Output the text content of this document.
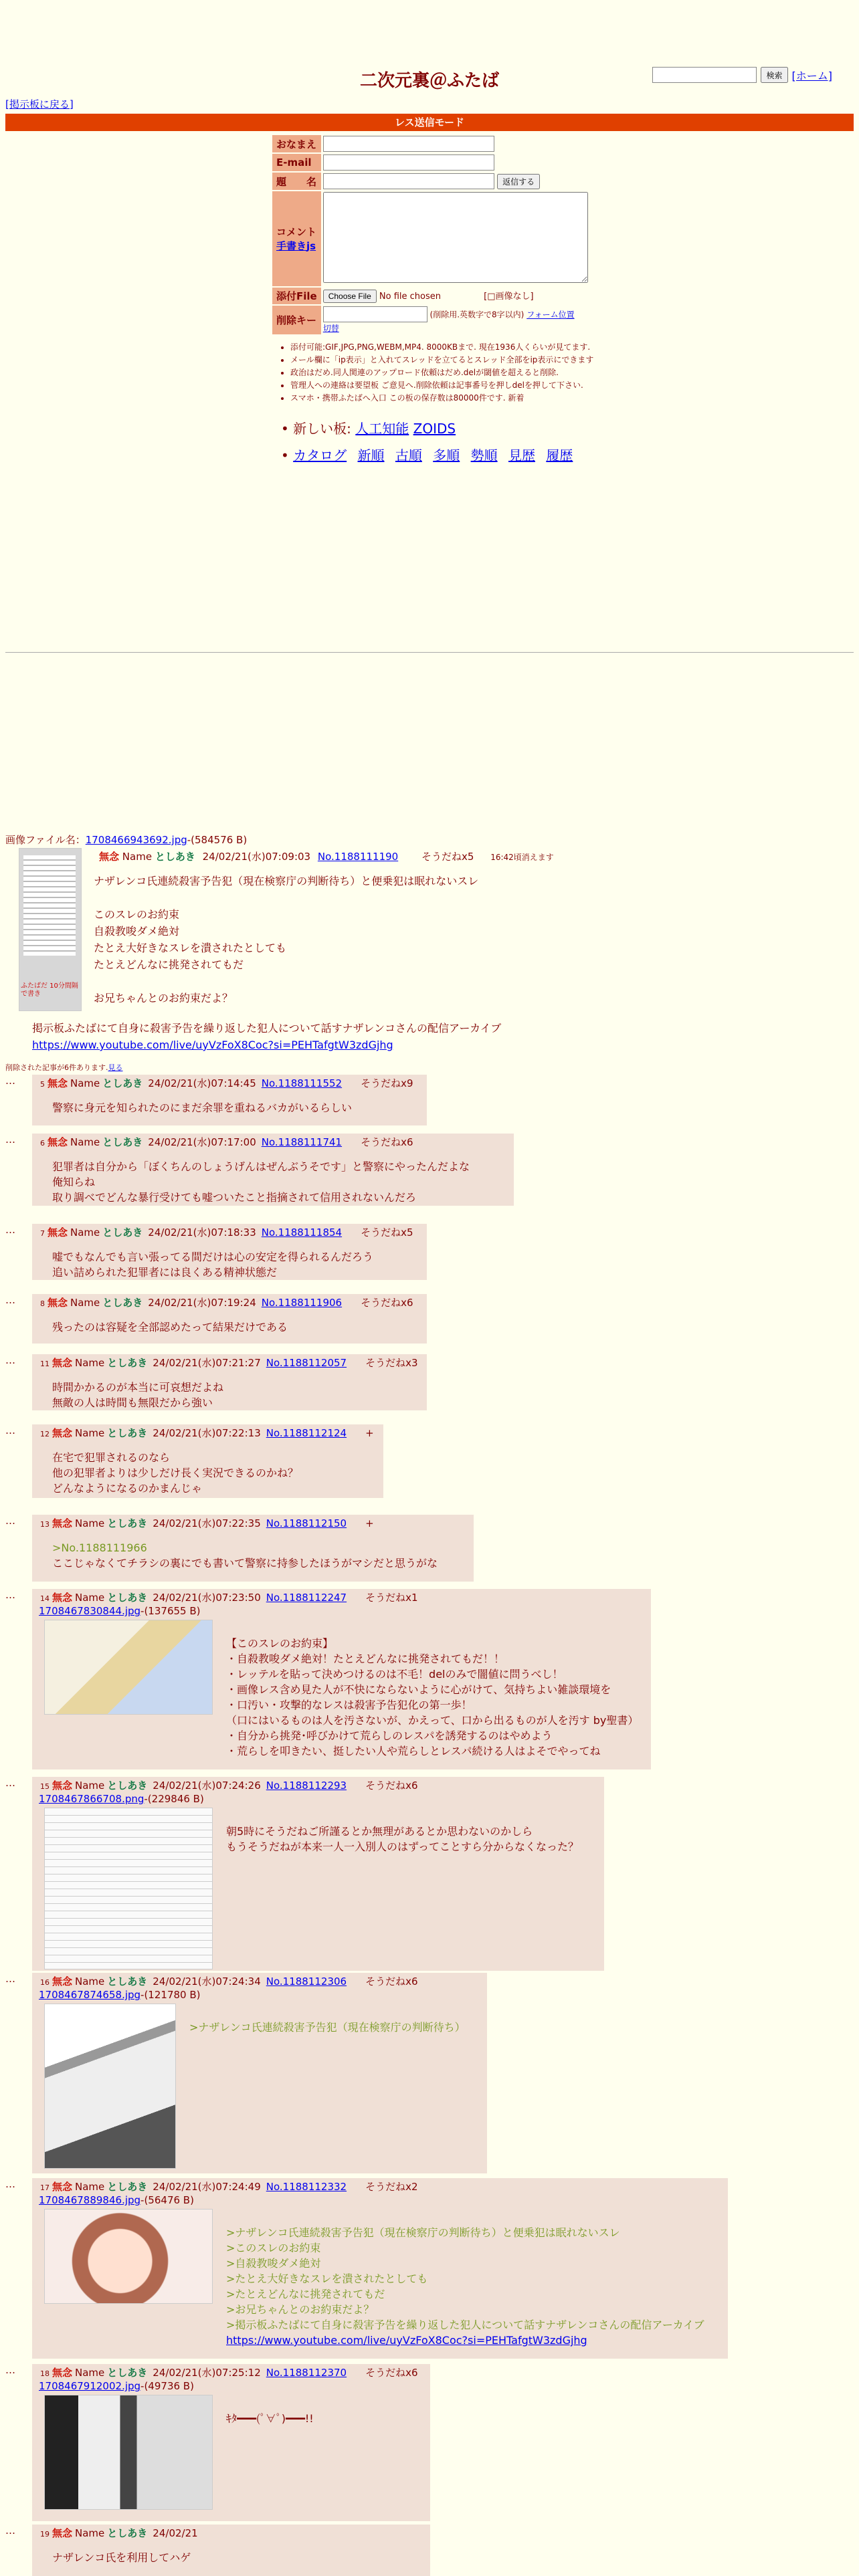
二次元裏＠ふたば	検索 [ホーム]
[掲示板に戻る]
レス送信モード
おなまえ	
E-mail	
題　　名	返信する

コメント
手書きjs	
添付File	Choose File No file chosen [□画像なし]
削除キー	(削除用.英数字で8字以内) フォーム位置
切替
• 添付可能:GIF,JPG,PNG,WEBM,MP4. 8000KBまで. 現在1936人くらいが見てます.
• メール欄に「ip表示」と入れてスレッドを立てるとスレッド全部をip表示にできます
• 政治はだめ.同人関連のアップロード依頼はだめ.delが閾値を超えると削除.
• 管理人への連絡は要望板 ご意見へ.削除依頼は記事番号を押しdelを押して下さい.
• スマホ・携帯ふたばへ入口 この板の保存数は80000件です. 新着
• 新しい板: 人工知能 ZOIDS
• カタログ 新順 古順 多順 勢順 見歴 履歴
画像ファイル名：1708466943692.jpg-(584576 B)
ふたばだ 10分間隔 で書き
無念 Name としあき 24/02/21(水)07:09:03 No.1188111190 そうだねx5 16:42頃消えます
ナザレンコ氏連続殺害予告犯（現在検察庁の判断待ち）と便乗犯は眠れないスレ

このスレのお約束
自殺教唆ダメ絶対
たとえ大好きなスレを潰されたとしても
たとえどんなに挑発されてもだ

お兄ちゃんとのお約束だよ？
掲示板ふたばにて自身に殺害予告を繰り返した犯人について話すナザレンコさんの配信アーカイブ
https://www.youtube.com/live/uyVzFoX8Coc?si=PEHTafgtW3zdGjhg
削除された記事が6件あります.見る
…	5 無念 Name としあき 24/02/21(水)07:14:45 No.1188111552 そうだねx9
警察に身元を知られたのにまだ余罪を重ねるバカがいるらしい
…	6 無念 Name としあき 24/02/21(水)07:17:00 No.1188111741 そうだねx6
犯罪者は自分から「ぼくちんのしょうげんはぜんぶうそです」と警察にやったんだよな
俺知らね
取り調べでどんな暴行受けても嘘ついたこと指摘されて信用されないんだろ
…	7 無念 Name としあき 24/02/21(水)07:18:33 No.1188111854 そうだねx5
嘘でもなんでも言い張ってる間だけは心の安定を得られるんだろう
追い詰められた犯罪者には良くある精神状態だ
…	8 無念 Name としあき 24/02/21(水)07:19:24 No.1188111906 そうだねx6
残ったのは容疑を全部認めたって結果だけである
…	11 無念 Name としあき 24/02/21(水)07:21:27 No.1188112057 そうだねx3
時間かかるのが本当に可哀想だよね
無敵の人は時間も無限だから強い
…	12 無念 Name としあき 24/02/21(水)07:22:13 No.1188112124 +
在宅で犯罪されるのなら
他の犯罪者よりは少しだけ長く実況できるのかね？
どんなようになるのかまんじゃ
…	13 無念 Name としあき 24/02/21(水)07:22:35 No.1188112150 +
>No.1188111966
ここじゃなくてチラシの裏にでも書いて警察に持参したほうがマシだと思うがな
…	14 無念 Name としあき 24/02/21(水)07:23:50 No.1188112247 そうだねx1
1708467830844.jpg-(137655 B)
【このスレのお約束】
・自殺教唆ダメ絶対！たとえどんなに挑発されてもだ！！
・レッテルを貼って決めつけるのは不毛！delのみで闇値に問うべし！
・画像レス含め見た人が不快にならないように心がけて、気持ちよい雑談環境を
・口汚い・攻撃的なレスは殺害予告犯化の第一歩！
（口にはいるものは人を汚さないが、かえって、口から出るものが人を汚す by聖書）
・自分から挑発･呼びかけて荒らしのレスパを誘発するのはやめよう
・荒らしを叩きたい、挺したい人や荒らしとレスパ続ける人はよそでやってね
…	15 無念 Name としあき 24/02/21(水)07:24:26 No.1188112293 そうだねx6
1708467866708.png-(229846 B)
朝5時にそうだねご所謹るとか無理があるとか思わないのかしら
もうそうだねが本来一人一入別人のはずってことすら分からなくなった？
…	16 無念 Name としあき 24/02/21(水)07:24:34 No.1188112306 そうだねx6
1708467874658.jpg-(121780 B)
>ナザレンコ氏連続殺害予告犯（現在検察庁の判断待ち）
…	17 無念 Name としあき 24/02/21(水)07:24:49 No.1188112332 そうだねx2
1708467889846.jpg-(56476 B)
>ナザレンコ氏連続殺害予告犯（現在検察庁の判断待ち）と便乗犯は眠れないスレ
>このスレのお約束
>自殺教唆ダメ絶対
>たとえ大好きなスレを潰されたとしても
>たとえどんなに挑発されてもだ
>お兄ちゃんとのお約束だよ？
>掲示板ふたばにて自身に殺害予告を繰り返した犯人について話すナザレンコさんの配信アーカイブ
https://www.youtube.com/live/uyVzFoX8Coc?si=PEHTafgtW3zdGjhg
…	18 無念 Name としあき 24/02/21(水)07:25:12 No.1188112370 そうだねx6
1708467912002.jpg-(49736 B)
ｷﾀ━━━(ﾟ∀ﾟ)━━━!!
…	19 無念 Name としあき 24/02/21
ナザレンコ氏を利用してハゲ
